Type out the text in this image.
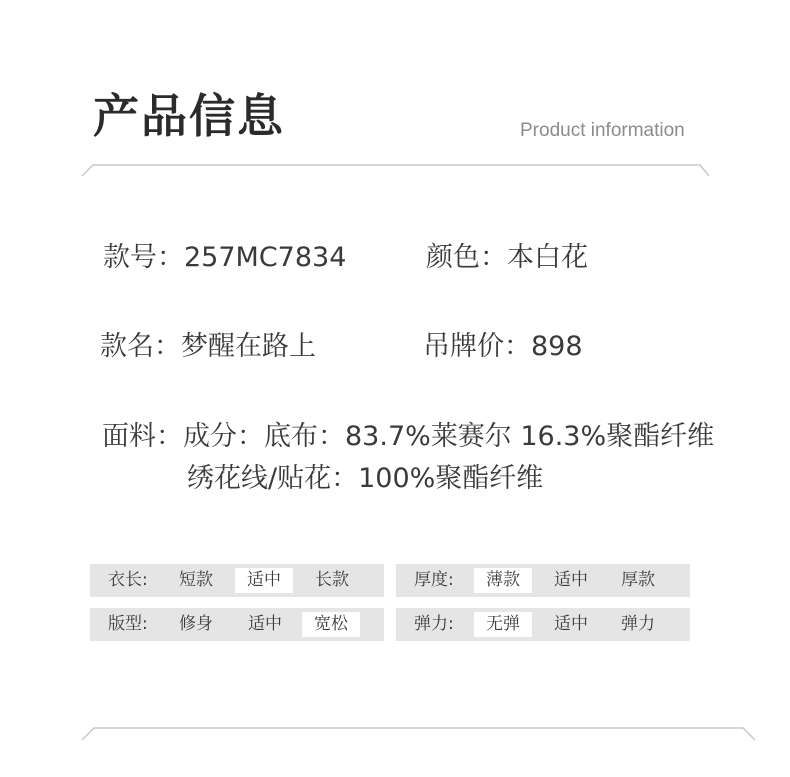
产品信息	Product information
款号：257MC7834	颜色：本白花
款名：梦醒在路上	吊牌价：898
面料：成分：底布：83.7%莱赛尔 16.3%聚酯纤维
绣花线/贴花：100%聚酯纤维
衣长:	短款	适中	长款	厚度:	薄款	适中	厚款
版型:	修身	适中	宽松	弹力:	无弹	适中	弹力
